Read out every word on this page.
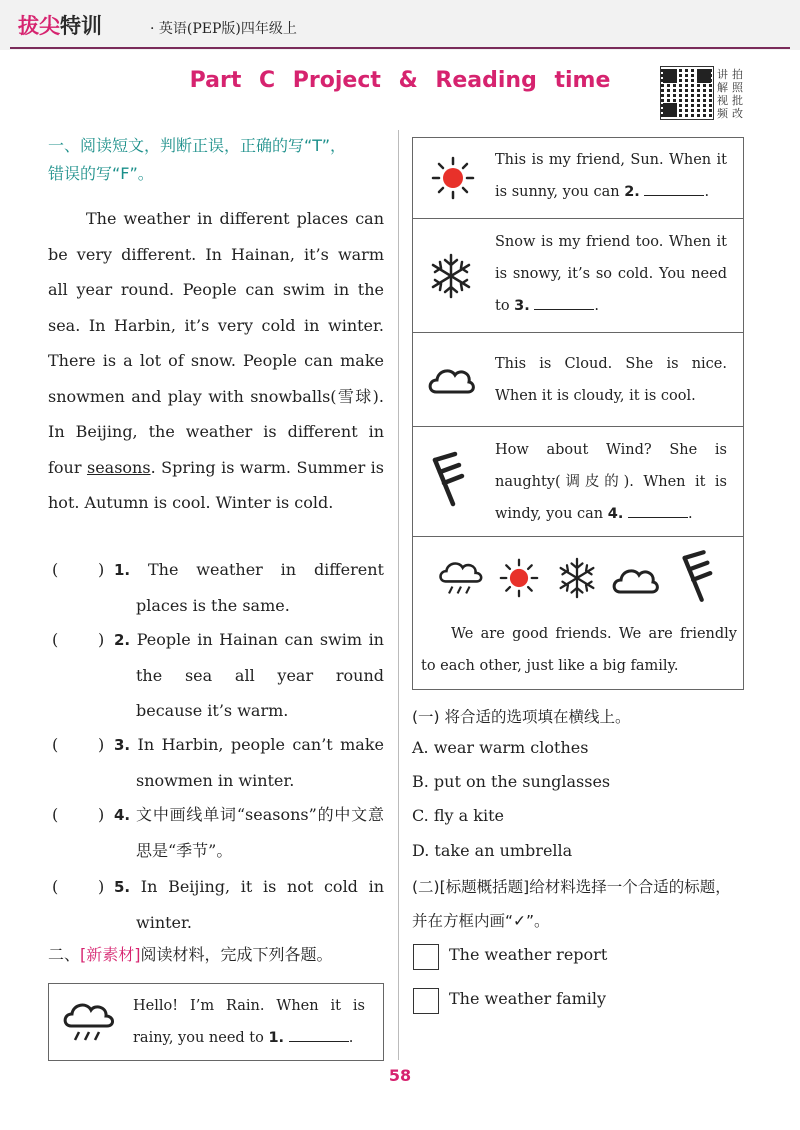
拔尖特训	· 英语(PEP版)四年级上
Part C Project & Reading time	讲 拍
解 照
视 批
频 改
一、阅读短文，判断正误，正确的写“T”，
错误的写“F”。
The weather in different places can be very different. In Hainan, it’s warm all year round. People can swim in the sea. In Harbin, it’s very cold in winter. There is a lot of snow. People can make snowmen and play with snowballs(雪球). In Beijing, the weather is different in four seasons. Spring is warm. Summer is hot. Autumn is cool. Winter is cold.
( ) 1. The weather in different places is the same.
( ) 2. People in Hainan can swim in the sea all year round because it’s warm.
( ) 3. In Harbin, people can’t make snowmen in winter.
( ) 4. 文中画线单词“seasons”的中文意思是“季节”。
( ) 5. In Beijing, it is not cold in winter.
二、[新素材]阅读材料，完成下列各题。
Hello! I’m Rain. When it is rainy, you need to 1.	.
This is my friend, Sun. When it is sunny, you can 2.	.
Snow is my friend too. When it is snowy, it’s so cold. You need to 3.	.
This is Cloud. She is nice. When it is cloudy, it is cool.
How about Wind? She is naughty(调皮的). When it is windy, you can 4.	.
We are good friends. We are friendly to each other, just like a big family.
(一) 将合适的选项填在横线上。
A. wear warm clothes
B. put on the sunglasses
C. fly a kite
D. take an umbrella
(二)[标题概括题]给材料选择一个合适的标题，并在方框内画“✓”。
The weather report
The weather family
58
